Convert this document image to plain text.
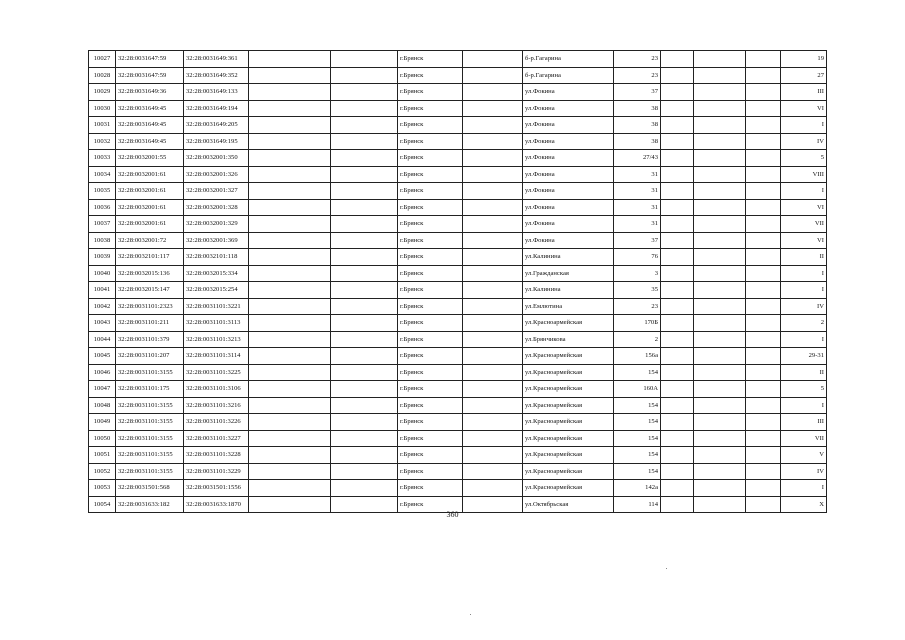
10027	32:28:0031647:59	32:28:0031649:361			г.Брянск		б-р.Гагарина	23				19
10028	32:28:0031647:59	32:28:0031649:352			г.Брянск		б-р.Гагарина	23				27
10029	32:28:0031649:36	32:28:0031649:133			г.Брянск		ул.Фокина	37				III
10030	32:28:0031649:45	32:28:0031649:194			г.Брянск		ул.Фокина	38				VI
10031	32:28:0031649:45	32:28:0031649:205			г.Брянск		ул.Фокина	38				I
10032	32:28:0031649:45	32:28:0031649:195			г.Брянск		ул.Фокина	38				IV
10033	32:28:0032001:55	32:28:0032001:350			г.Брянск		ул.Фокина	27/43				5
10034	32:28:0032001:61	32:28:0032001:326			г.Брянск		ул.Фокина	31				VIII
10035	32:28:0032001:61	32:28:0032001:327			г.Брянск		ул.Фокина	31				I
10036	32:28:0032001:61	32:28:0032001:328			г.Брянск		ул.Фокина	31				VI
10037	32:28:0032001:61	32:28:0032001:329			г.Брянск		ул.Фокина	31				VII
10038	32:28:0032001:72	32:28:0032001:369			г.Брянск		ул.Фокина	37				VI
10039	32:28:0032101:117	32:28:0032101:118			г.Брянск		ул.Калинина	76				II
10040	32:28:0032015:136	32:28:0032015:334			г.Брянск		ул.Гражданская	3				I
10041	32:28:0032015:147	32:28:0032015:254			г.Брянск		ул.Калинина	35				I
10042	32:28:0031101:2323	32:28:0031101:3221			г.Брянск		ул.Емлютина	23				IV
10043	32:28:0031101:211	32:28:0031101:3113			г.Брянск		ул.Красноармейская	170Б				2
10044	32:28:0031101:379	32:28:0031101:3213			г.Брянск		ул.Брянчикова	2				I
10045	32:28:0031101:207	32:28:0031101:3114			г.Брянск		ул.Красноармейская	156а				29-31
10046	32:28:0031101:3155	32:28:0031101:3225			г.Брянск		ул.Красноармейская	154				II
10047	32:28:0031101:175	32:28:0031101:3106			г.Брянск		ул.Красноармейская	160А				5
10048	32:28:0031101:3155	32:28:0031101:3216			г.Брянск		ул.Красноармейская	154				I
10049	32:28:0031101:3155	32:28:0031101:3226			г.Брянск		ул.Красноармейская	154				III
10050	32:28:0031101:3155	32:28:0031101:3227			г.Брянск		ул.Красноармейская	154				VII
10051	32:28:0031101:3155	32:28:0031101:3228			г.Брянск		ул.Красноармейская	154				V
10052	32:28:0031101:3155	32:28:0031101:3229			г.Брянск		ул.Красноармейская	154				IV
10053	32:28:0031501:568	32:28:0031501:1556			г.Брянск		ул.Красноармейская	142а				I
10054	32:28:0031633:182	32:28:0031633:1870			г.Брянск		ул.Октябрьская	114				X
360
